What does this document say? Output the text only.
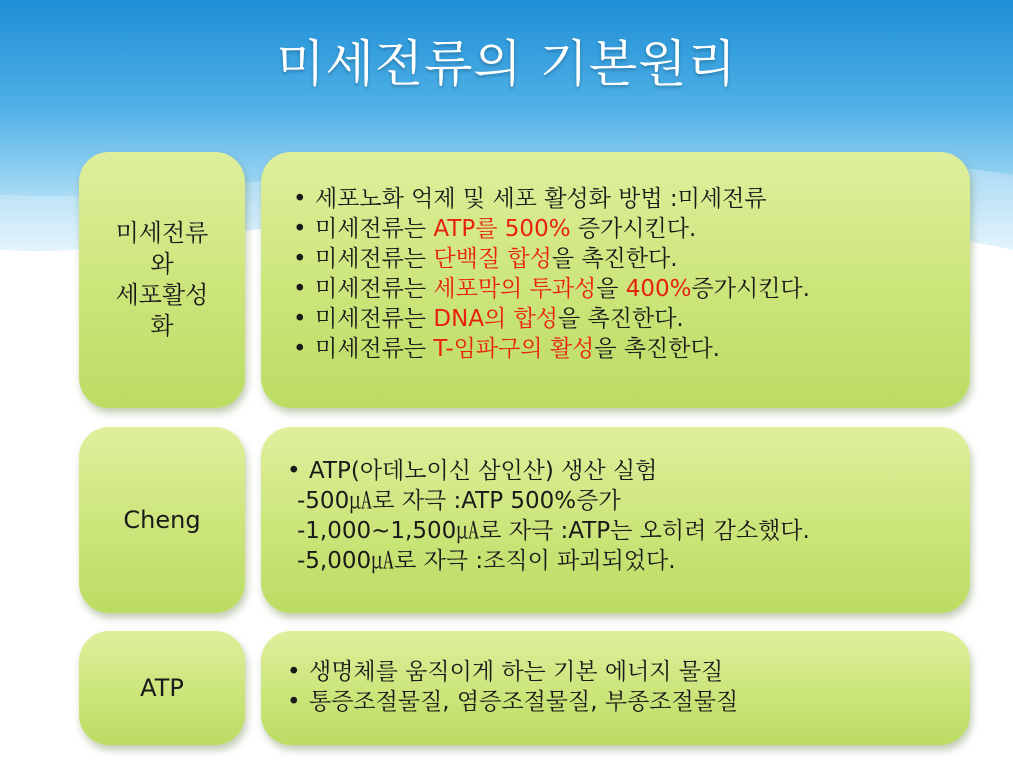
미세전류의 기본원리
미세전류
와
세포활성
화
• 세포노화 억제 및 세포 활성화 방법 :미세전류
• 미세전류는 ATP를 500% 증가시킨다.
• 미세전류는 단백질 합성을 촉진한다.
• 미세전류는 세포막의 투과성을 400%증가시킨다.
• 미세전류는 DNA의 합성을 촉진한다.
• 미세전류는 T-임파구의 활성을 촉진한다.
Cheng
• ATP(아데노이신 삼인산) 생산 실험
-500㎂로 자극 :ATP 500%증가
-1,000~1,500㎂로 자극 :ATP는 오히려 감소했다.
-5,000㎂로 자극 :조직이 파괴되었다.
ATP
• 생명체를 움직이게 하는 기본 에너지 물질
• 통증조절물질, 염증조절물질, 부종조절물질
